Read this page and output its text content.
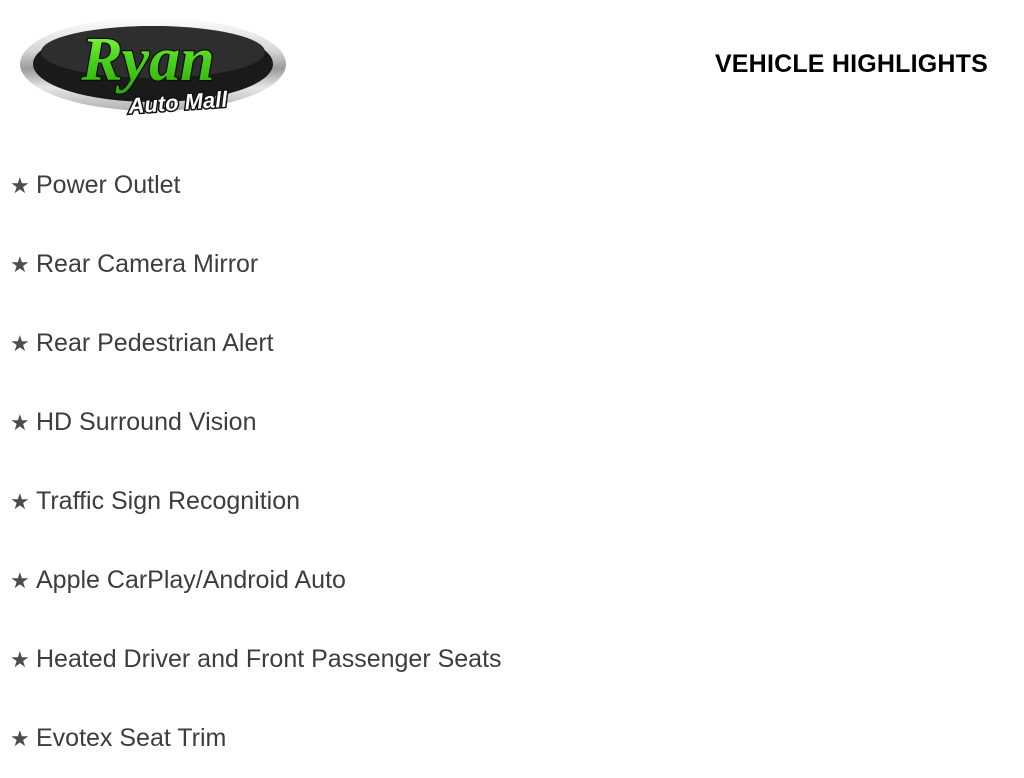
Ryan
Auto Mall
VEHICLE HIGHLIGHTS
★ Power Outlet
★ Rear Camera Mirror
★ Rear Pedestrian Alert
★ HD Surround Vision
★ Traffic Sign Recognition
★ Apple CarPlay/Android Auto
★ Heated Driver and Front Passenger Seats
★ Evotex Seat Trim
